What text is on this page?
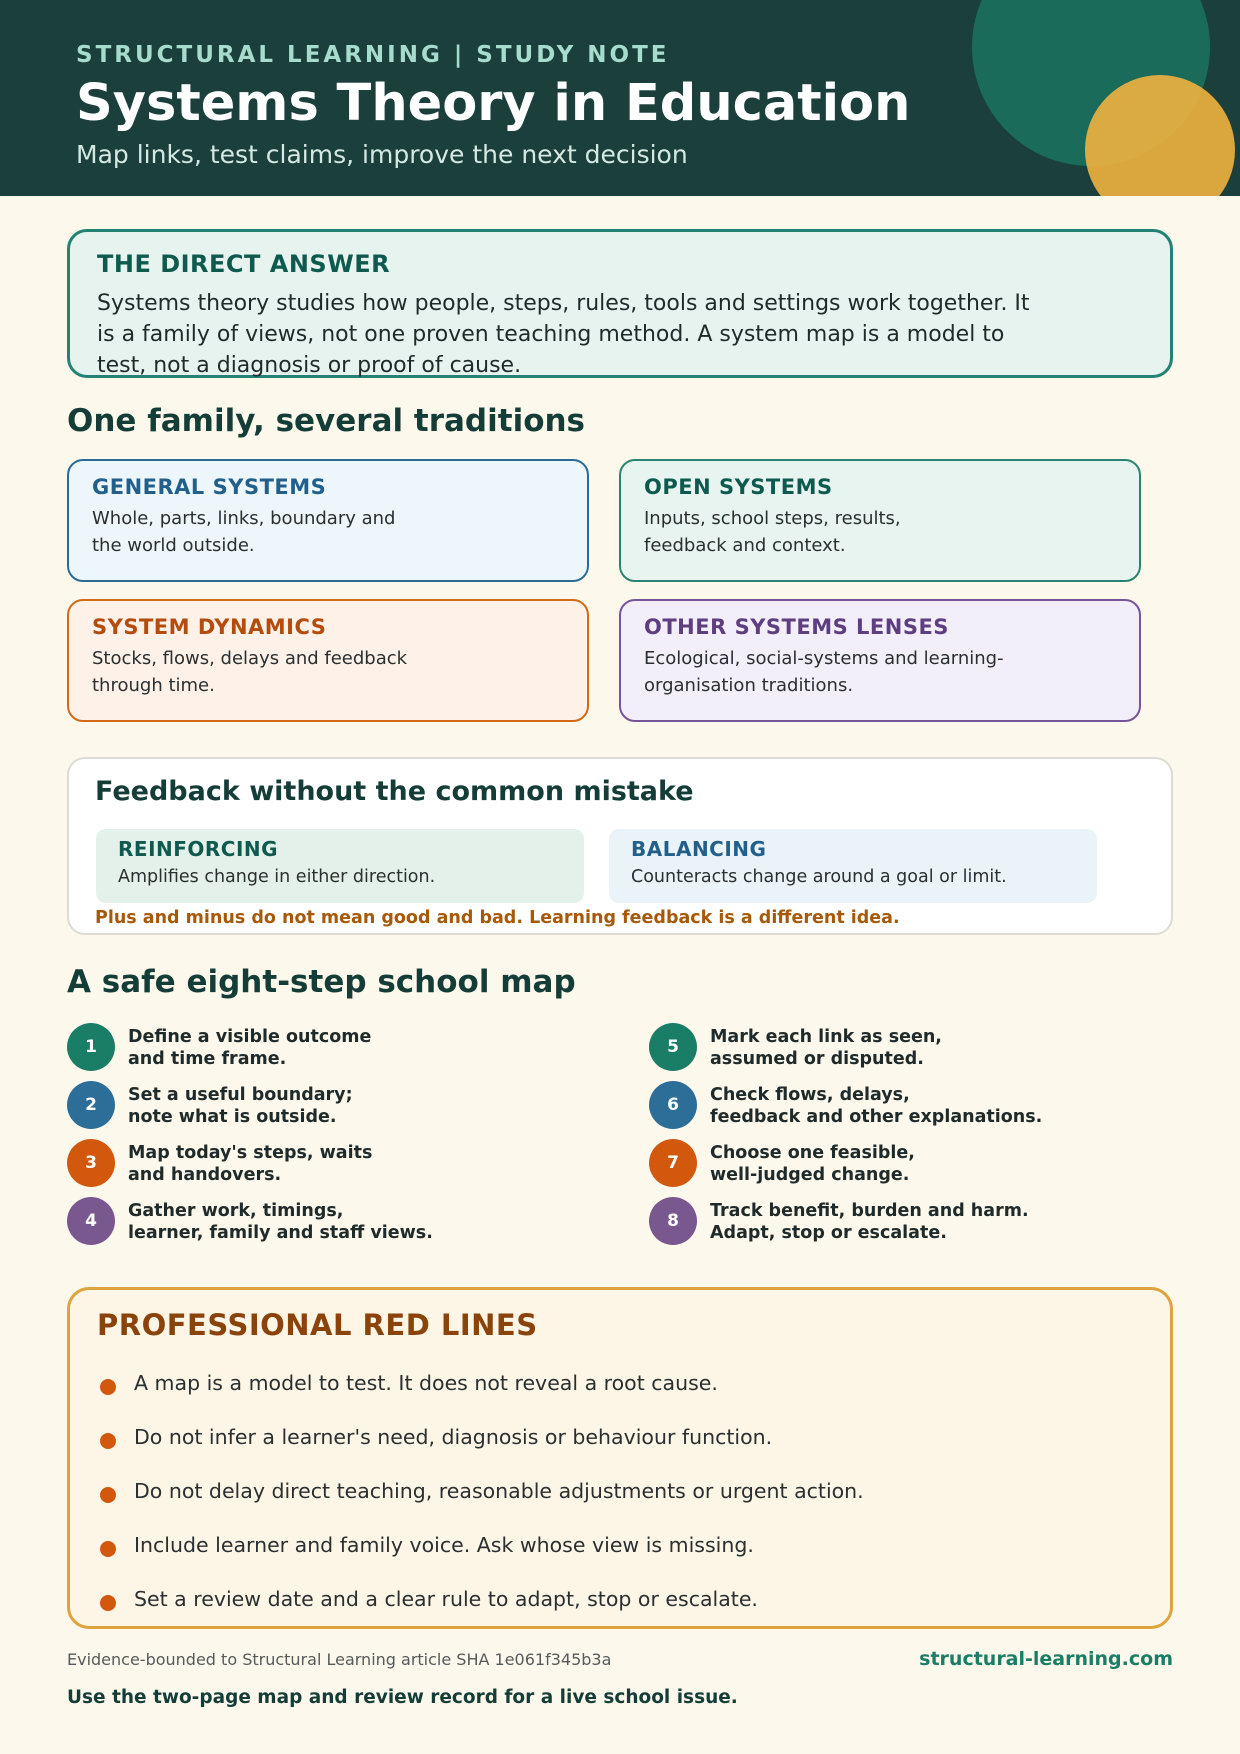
STRUCTURAL LEARNING | STUDY NOTE
Systems Theory in Education
Map links, test claims, improve the next decision
THE DIRECT ANSWER
Systems theory studies how people, steps, rules, tools and settings work together. It is a family of views, not one proven teaching method. A system map is a model to test, not a diagnosis or proof of cause.
One family, several traditions
GENERAL SYSTEMS
Whole, parts, links, boundary and the world outside.
OPEN SYSTEMS
Inputs, school steps, results, feedback and context.
SYSTEM DYNAMICS
Stocks, flows, delays and feedback through time.
OTHER SYSTEMS LENSES
Ecological, social-systems and learning-organisation traditions.
Feedback without the common mistake
REINFORCING
Amplifies change in either direction.
BALANCING
Counteracts change around a goal or limit.
Plus and minus do not mean good and bad. Learning feedback is a different idea.
A safe eight-step school map
1	Define a visible outcome
and time frame.
2	Set a useful boundary;
note what is outside.
3	Map today's steps, waits
and handovers.
4	Gather work, timings,
learner, family and staff views.
5	Mark each link as seen,
assumed or disputed.
6	Check flows, delays,
feedback and other explanations.
7	Choose one feasible,
well-judged change.
8	Track benefit, burden and harm.
Adapt, stop or escalate.
PROFESSIONAL RED LINES
A map is a model to test. It does not reveal a root cause.
Do not infer a learner's need, diagnosis or behaviour function.
Do not delay direct teaching, reasonable adjustments or urgent action.
Include learner and family voice. Ask whose view is missing.
Set a review date and a clear rule to adapt, stop or escalate.
Evidence-bounded to Structural Learning article SHA 1e061f345b3a	structural-learning.com
Use the two-page map and review record for a live school issue.
